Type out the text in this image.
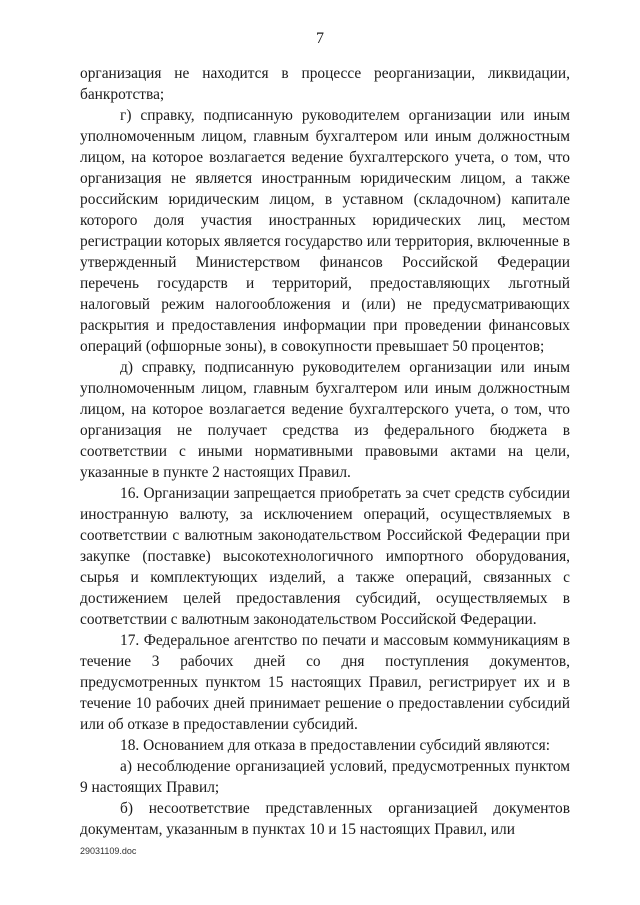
7

организация не находится в процессе реорганизации, ликвидации, банкротства;

г) справку, подписанную руководителем организации или иным уполномоченным лицом, главным бухгалтером или иным должностным лицом, на которое возлагается ведение бухгалтерского учета, о том, что организация не является иностранным юридическим лицом, а также российским юридическим лицом, в уставном (складочном) капитале которого доля участия иностранных юридических лиц, местом регистрации которых является государство или территория, включенные в утвержденный Министерством финансов Российской Федерации перечень государств и территорий, предоставляющих льготный налоговый режим налогообложения и (или) не предусматривающих раскрытия и предоставления информации при проведении финансовых операций (офшорные зоны), в совокупности превышает 50 процентов;

д) справку, подписанную руководителем организации или иным уполномоченным лицом, главным бухгалтером или иным должностным лицом, на которое возлагается ведение бухгалтерского учета, о том, что организация не получает средства из федерального бюджета в соответствии с иными нормативными правовыми актами на цели, указанные в пункте 2 настоящих Правил.

16. Организации запрещается приобретать за счет средств субсидии иностранную валюту, за исключением операций, осуществляемых в соответствии с валютным законодательством Российской Федерации при закупке (поставке) высокотехнологичного импортного оборудования, сырья и комплектующих изделий, а также операций, связанных с достижением целей предоставления субсидий, осуществляемых в соответствии с валютным законодательством Российской Федерации.

17. Федеральное агентство по печати и массовым коммуникациям в течение 3 рабочих дней со дня поступления документов, предусмотренных пунктом 15 настоящих Правил, регистрирует их и в течение 10 рабочих дней принимает решение о предоставлении субсидий или об отказе в предоставлении субсидий.

18. Основанием для отказа в предоставлении субсидий являются:

а) несоблюдение организацией условий, предусмотренных пунктом 9 настоящих Правил;

б) несоответствие представленных организацией документов документам, указанным в пунктах 10 и 15 настоящих Правил, или

29031109.doc
